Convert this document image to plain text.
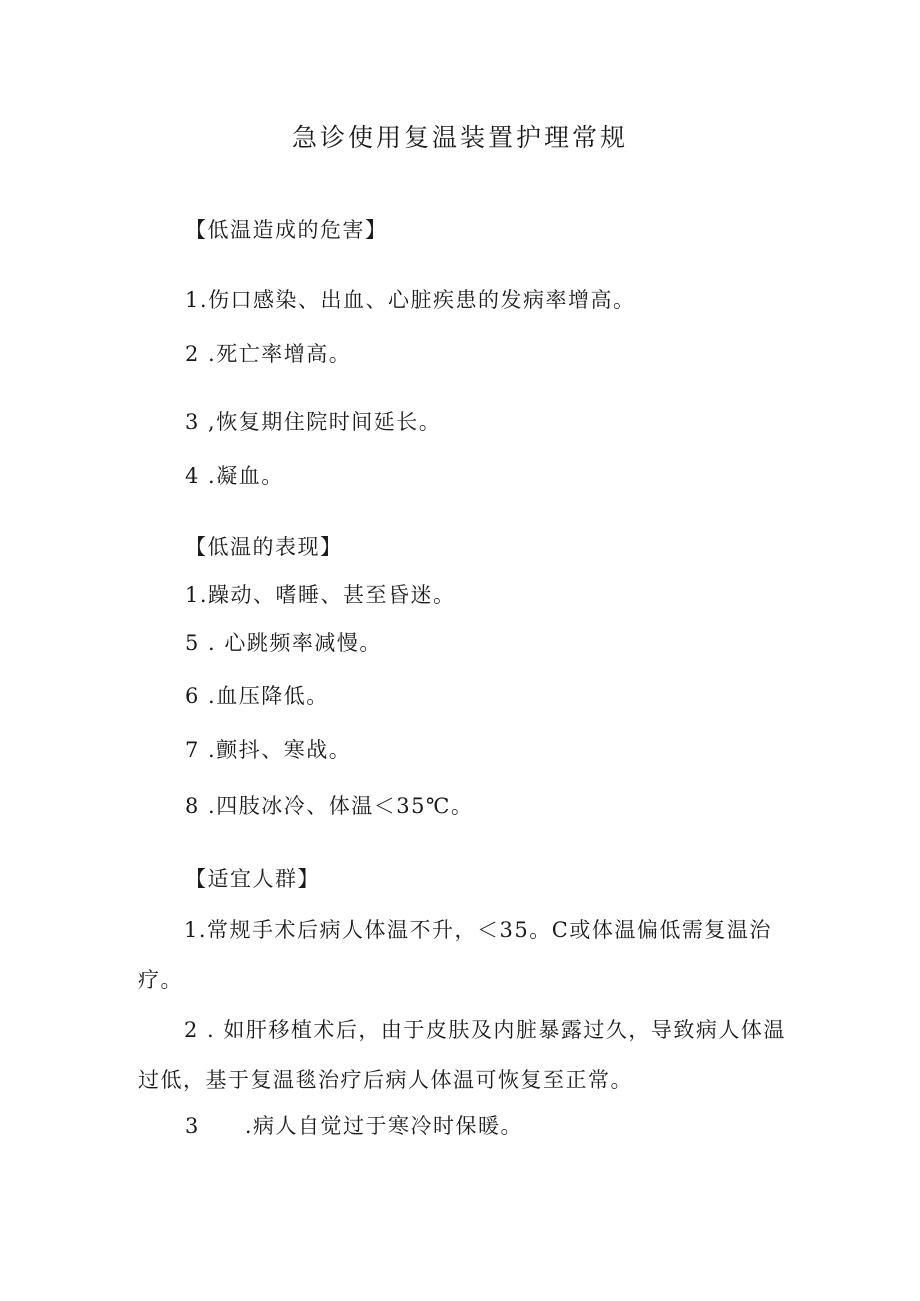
急诊使用复温装置护理常规
【低温造成的危害】
1.伤口感染、出血、心脏疾患的发病率增高。
2 .死亡率增高。
3 ,恢复期住院时间延长。
4 .凝血。
【低温的表现】
1.躁动、嗜睡、甚至昏迷。
5 . 心跳频率减慢。
6 .血压降低。
7 .颤抖、寒战。
8 .四肢冰冷、体温＜35℃。
【适宜人群】
1.常规手术后病人体温不升，＜35。C或体温偏低需复温治疗。
2 . 如肝移植术后，由于皮肤及内脏暴露过久，导致病人体温过低，基于复温毯治疗后病人体温可恢复至正常。
3　　.病人自觉过于寒冷时保暖。
